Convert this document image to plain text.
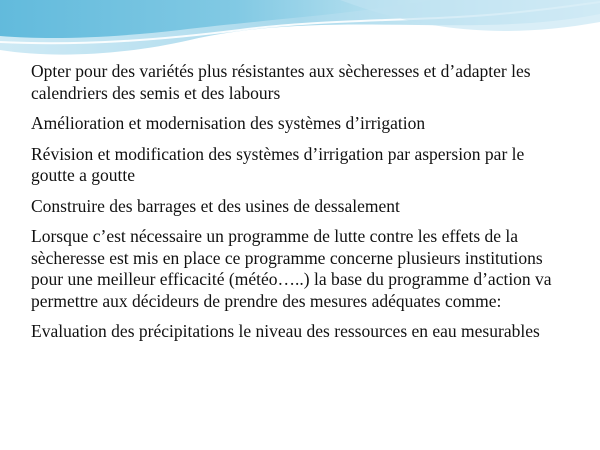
Opter pour des variétés plus résistantes aux sècheresses et d’adapter les calendriers des semis et des labours
Amélioration et modernisation des systèmes d’irrigation
Révision et modification des systèmes d’irrigation par aspersion par le goutte a goutte
Construire des barrages et des usines de dessalement
Lorsque c’est nécessaire un programme de lutte contre les effets de la sècheresse est mis en place ce programme concerne plusieurs institutions pour une meilleur efficacité (météo…..) la base du programme d’action va permettre aux décideurs de prendre des mesures adéquates comme:
Evaluation des précipitations le niveau des ressources en eau mesurables
